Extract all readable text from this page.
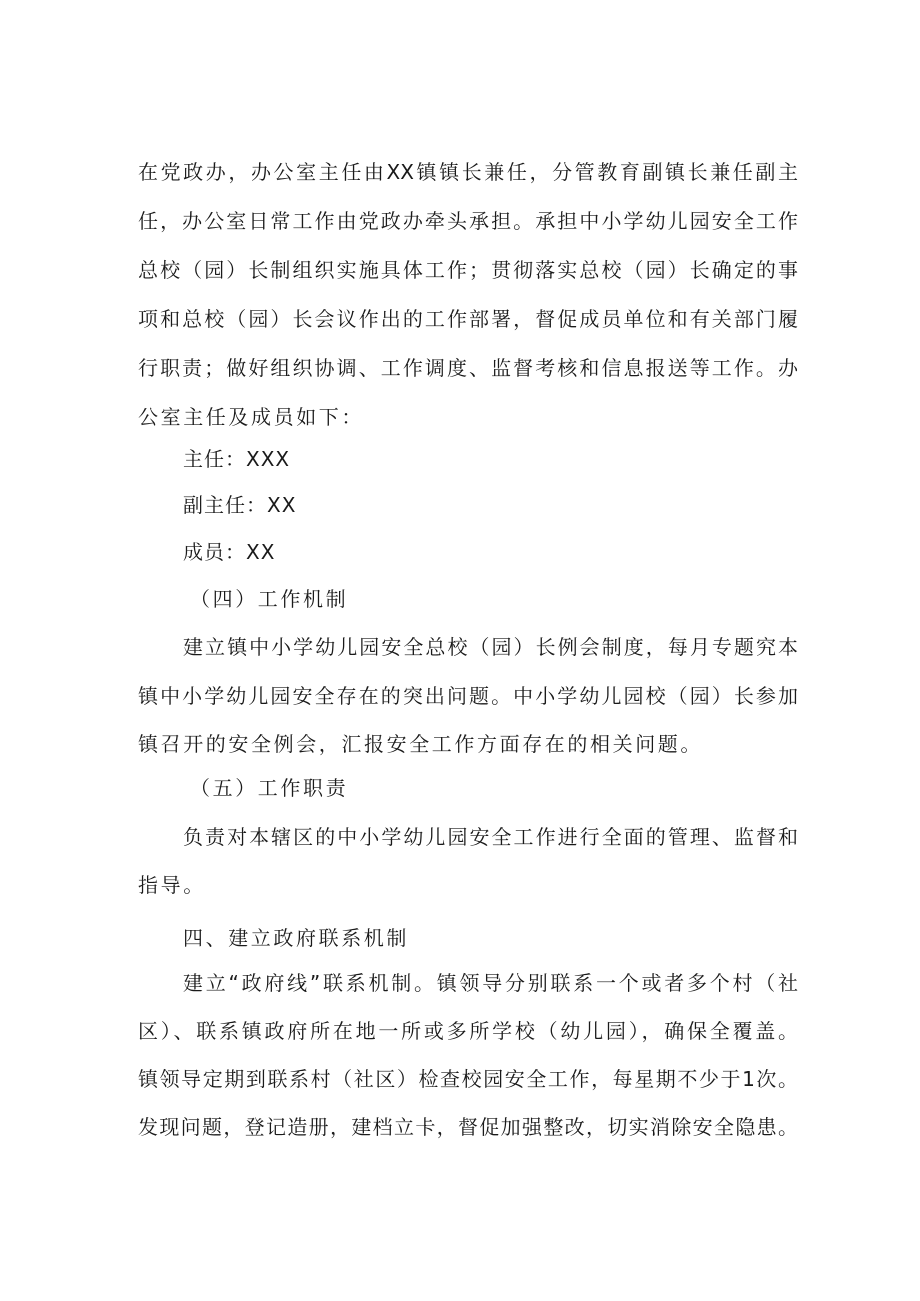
在党政办，办公室主任由XX镇镇长兼任，分管教育副镇长兼任副主
任，办公室日常工作由党政办牵头承担。承担中小学幼儿园安全工作
总校（园）长制组织实施具体工作；贯彻落实总校（园）长确定的事
项和总校（园）长会议作出的工作部署，督促成员单位和有关部门履
行职责；做好组织协调、工作调度、监督考核和信息报送等工作。办
公室主任及成员如下：
主任：XXX
副主任：XX
成员：XX
（四）工作机制
建立镇中小学幼儿园安全总校（园）长例会制度，每月专题究本
镇中小学幼儿园安全存在的突出问题。中小学幼儿园校（园）长参加
镇召开的安全例会，汇报安全工作方面存在的相关问题。
（五）工作职责
负责对本辖区的中小学幼儿园安全工作进行全面的管理、监督和
指导。
四、建立政府联系机制
建立“政府线”联系机制。镇领导分别联系一个或者多个村（社
区）、联系镇政府所在地一所或多所学校（幼儿园），确保全覆盖。
镇领导定期到联系村（社区）检查校园安全工作，每星期不少于1次。
发现问题，登记造册，建档立卡，督促加强整改，切实消除安全隐患。
